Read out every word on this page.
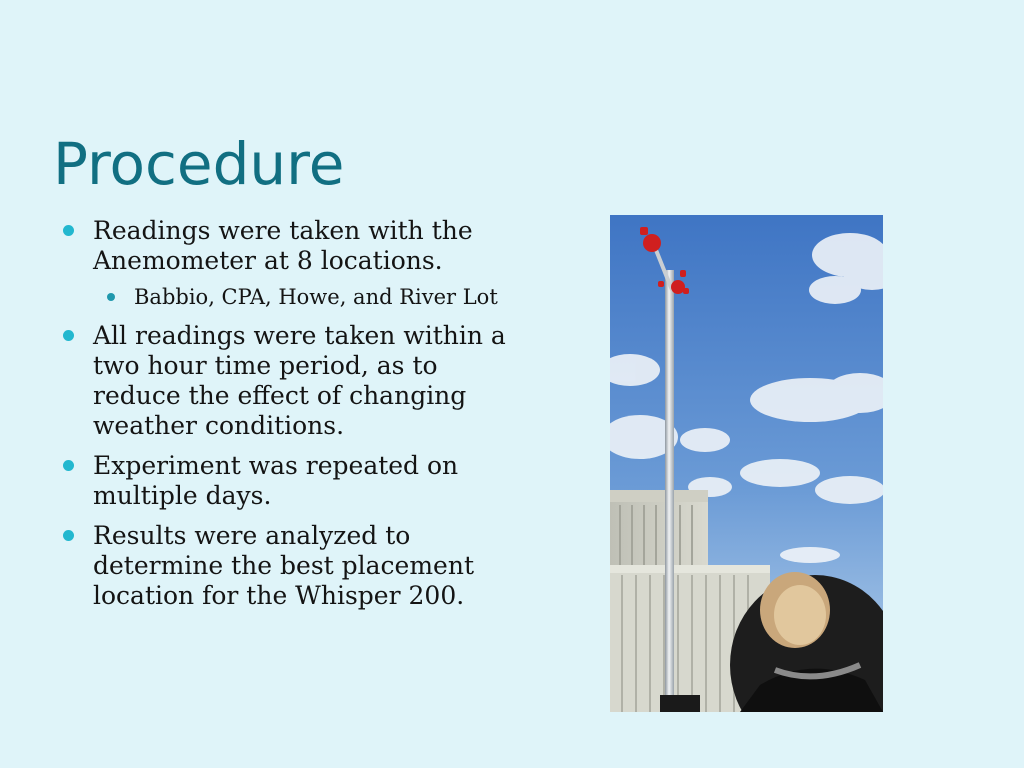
Procedure
Readings were taken with the Anemometer at 8 locations.
Babbio, CPA, Howe, and River Lot
All readings were taken within a two hour time period, as to reduce the effect of changing weather conditions.
Experiment was repeated on multiple days.
Results were analyzed to determine the best placement location for the Whisper 200.
